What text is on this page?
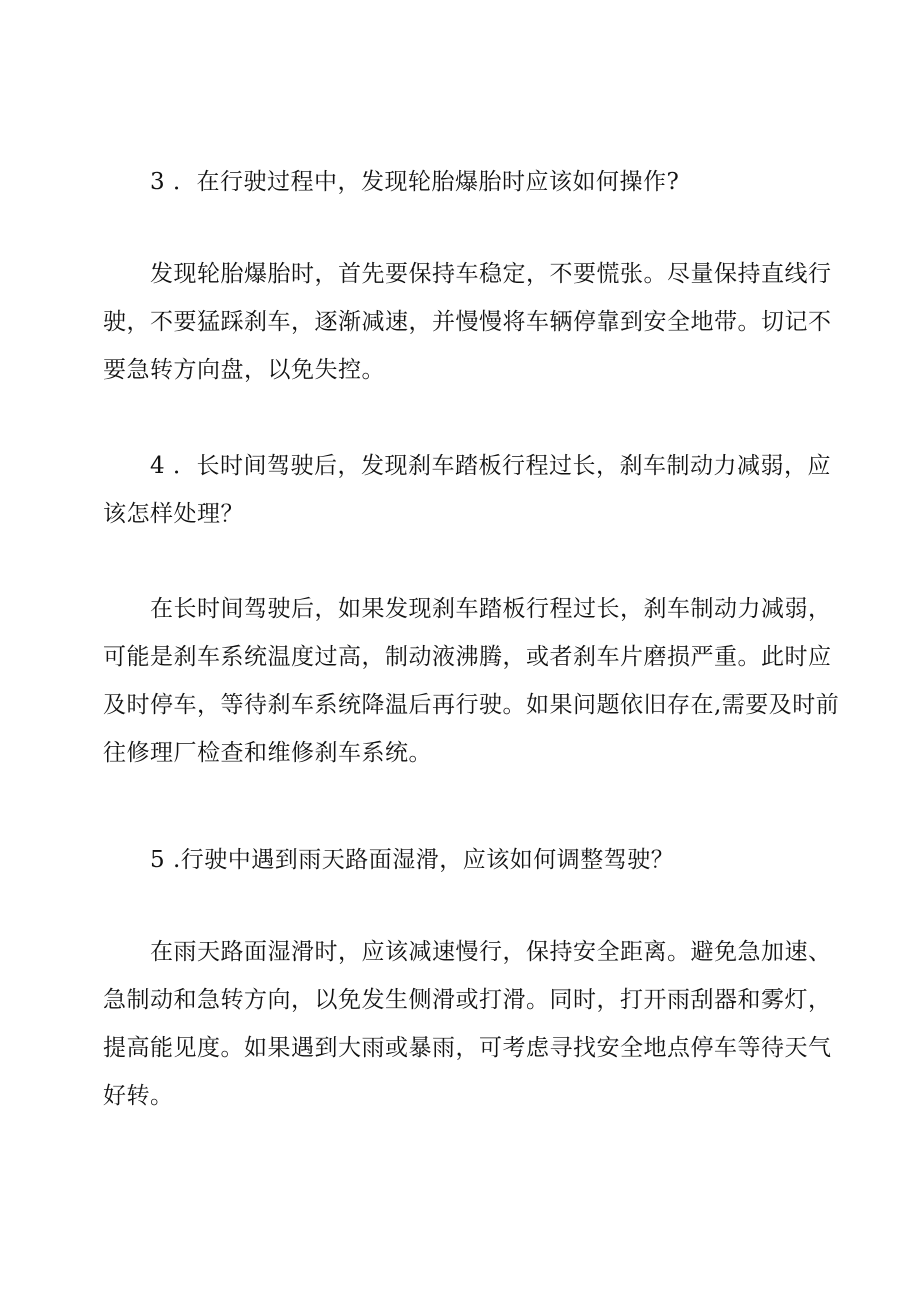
3 ．在行驶过程中，发现轮胎爆胎时应该如何操作?
发现轮胎爆胎时，首先要保持车稳定，不要慌张。尽量保持直线行
驶，不要猛踩刹车，逐渐减速，并慢慢将车辆停靠到安全地带。切记不
要急转方向盘，以免失控。
4 ．长时间驾驶后，发现刹车踏板行程过长，刹车制动力减弱，应
该怎样处理？
在长时间驾驶后，如果发现刹车踏板行程过长，刹车制动力减弱，
可能是刹车系统温度过高，制动液沸腾，或者刹车片磨损严重。此时应
及时停车，等待刹车系统降温后再行驶。如果问题依旧存在,需要及时前
往修理厂检查和维修刹车系统。
5 .行驶中遇到雨天路面湿滑，应该如何调整驾驶？
在雨天路面湿滑时，应该减速慢行，保持安全距离。避免急加速、
急制动和急转方向，以免发生侧滑或打滑。同时，打开雨刮器和雾灯，
提高能见度。如果遇到大雨或暴雨，可考虑寻找安全地点停车等待天气
好转。
